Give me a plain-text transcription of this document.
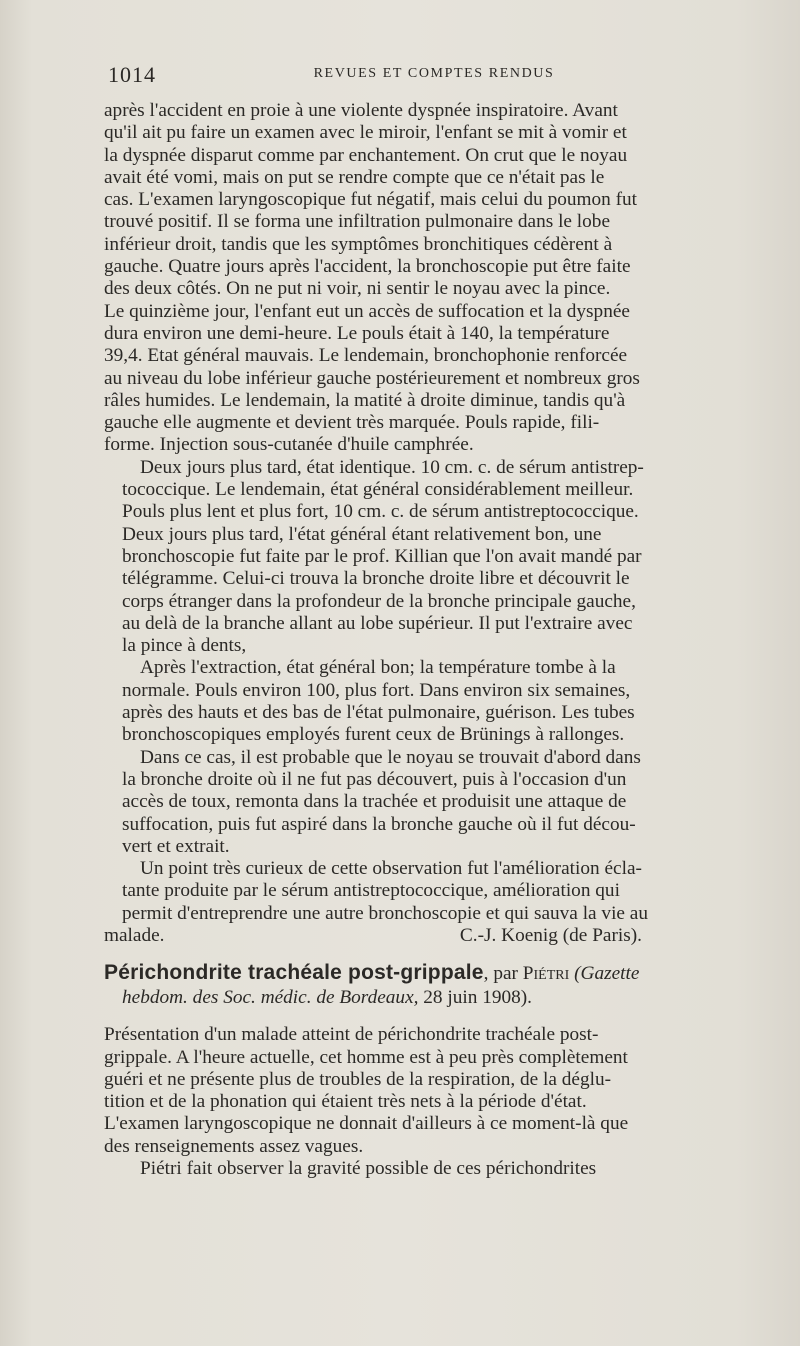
1014	REVUES ET COMPTES RENDUS
après l'accident en proie à une violente dyspnée inspiratoire. Avant
qu'il ait pu faire un examen avec le miroir, l'enfant se mit à vomir et
la dyspnée disparut comme par enchantement. On crut que le noyau
avait été vomi, mais on put se rendre compte que ce n'était pas le
cas. L'examen laryngoscopique fut négatif, mais celui du poumon fut
trouvé positif. Il se forma une infiltration pulmonaire dans le lobe
inférieur droit, tandis que les symptômes bronchitiques cédèrent à
gauche. Quatre jours après l'accident, la bronchoscopie put être faite
des deux côtés. On ne put ni voir, ni sentir le noyau avec la pince.
Le quinzième jour, l'enfant eut un accès de suffocation et la dyspnée
dura environ une demi-heure. Le pouls était à 140, la température
39,4. Etat général mauvais. Le lendemain, bronchophonie renforcée
au niveau du lobe inférieur gauche postérieurement et nombreux gros
râles humides. Le lendemain, la matité à droite diminue, tandis qu'à
gauche elle augmente et devient très marquée. Pouls rapide, fili-
forme. Injection sous-cutanée d'huile camphrée.
Deux jours plus tard, état identique. 10 cm. c. de sérum antistrep-
tococcique. Le lendemain, état général considérablement meilleur.
Pouls plus lent et plus fort, 10 cm. c. de sérum antistreptococcique.
Deux jours plus tard, l'état général étant relativement bon, une
bronchoscopie fut faite par le prof. Killian que l'on avait mandé par
télégramme. Celui-ci trouva la bronche droite libre et découvrit le
corps étranger dans la profondeur de la bronche principale gauche,
au delà de la branche allant au lobe supérieur. Il put l'extraire avec
la pince à dents,
Après l'extraction, état général bon; la température tombe à la
normale. Pouls environ 100, plus fort. Dans environ six semaines,
après des hauts et des bas de l'état pulmonaire, guérison. Les tubes
bronchoscopiques employés furent ceux de Brünings à rallonges.
Dans ce cas, il est probable que le noyau se trouvait d'abord dans
la bronche droite où il ne fut pas découvert, puis à l'occasion d'un
accès de toux, remonta dans la trachée et produisit une attaque de
suffocation, puis fut aspiré dans la bronche gauche où il fut décou-
vert et extrait.
Un point très curieux de cette observation fut l'amélioration écla-
tante produite par le sérum antistreptococcique, amélioration qui
permit d'entreprendre une autre bronchoscopie et qui sauva la vie au
malade.	C.-J. Koenig (de Paris).
Périchondrite trachéale post-grippale, par Piétri (Gazette
hebdom. des Soc. médic. de Bordeaux, 28 juin 1908).
Présentation d'un malade atteint de périchondrite trachéale post-
grippale. A l'heure actuelle, cet homme est à peu près complètement
guéri et ne présente plus de troubles de la respiration, de la déglu-
tition et de la phonation qui étaient très nets à la période d'état.
L'examen laryngoscopique ne donnait d'ailleurs à ce moment-là que
des renseignements assez vagues.
Piétri fait observer la gravité possible de ces périchondrites
